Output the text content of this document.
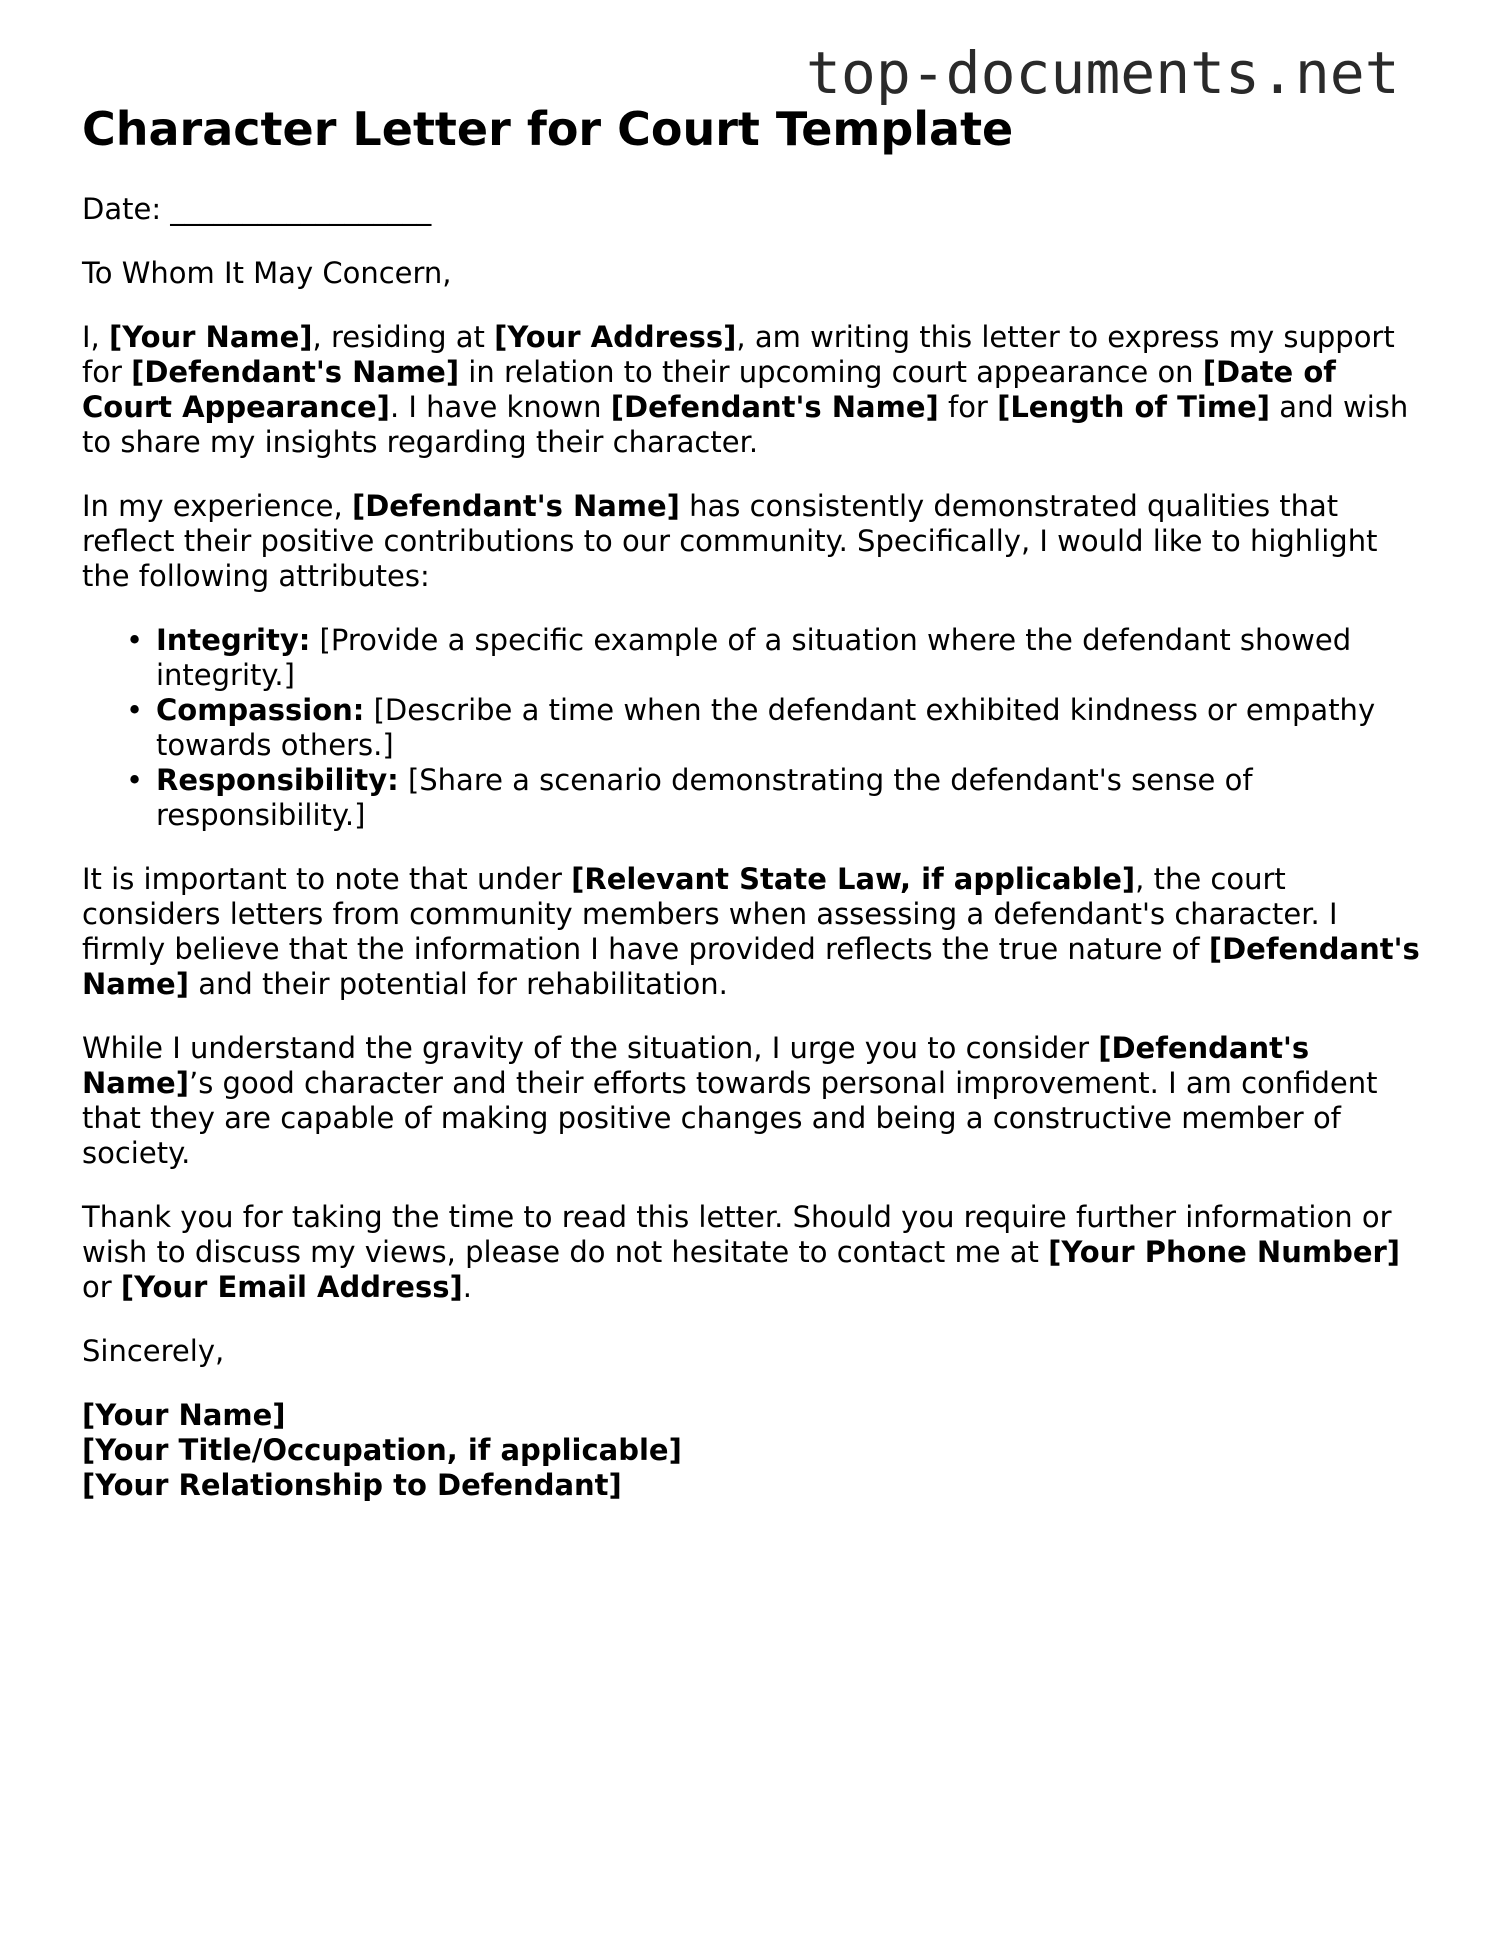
top-documents.net
Character Letter for Court Template

Date: __________________

To Whom It May Concern,

I, [Your Name], residing at [Your Address], am writing this letter to express my support for [Defendant's Name] in relation to their upcoming court appearance on [Date of Court Appearance]. I have known [Defendant's Name] for [Length of Time] and wish to share my insights regarding their character.

In my experience, [Defendant's Name] has consistently demonstrated qualities that reflect their positive contributions to our community. Specifically, I would like to highlight the following attributes:

• Integrity: [Provide a specific example of a situation where the defendant showed integrity.]
• Compassion: [Describe a time when the defendant exhibited kindness or empathy towards others.]
• Responsibility: [Share a scenario demonstrating the defendant's sense of responsibility.]

It is important to note that under [Relevant State Law, if applicable], the court considers letters from community members when assessing a defendant's character. I firmly believe that the information I have provided reflects the true nature of [Defendant's Name] and their potential for rehabilitation.

While I understand the gravity of the situation, I urge you to consider [Defendant's Name]’s good character and their efforts towards personal improvement. I am confident that they are capable of making positive changes and being a constructive member of society.

Thank you for taking the time to read this letter. Should you require further information or wish to discuss my views, please do not hesitate to contact me at [Your Phone Number] or [Your Email Address].

Sincerely,

[Your Name]

[Your Title/Occupation, if applicable]

[Your Relationship to Defendant]
